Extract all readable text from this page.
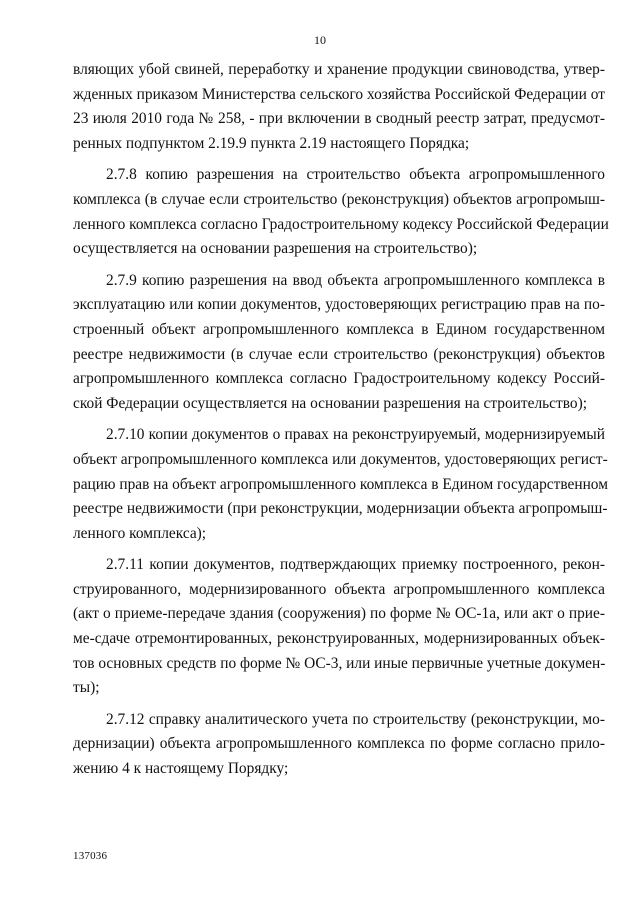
10

вляющих убой свиней, переработку и хранение продукции свиноводства, утвер-
жденных приказом Министерства сельского хозяйства Российской Федерации от
23 июля 2010 года № 258, - при включении в сводный реестр затрат, предусмот-
ренных подпунктом 2.19.9 пункта 2.19 настоящего Порядка;

2.7.8 копию разрешения на строительство объекта агропромышленного
комплекса (в случае если строительство (реконструкция) объектов агропромыш-
ленного комплекса согласно Градостроительному кодексу Российской Федерации
осуществляется на основании разрешения на строительство);

2.7.9 копию разрешения на ввод объекта агропромышленного комплекса в
эксплуатацию или копии документов, удостоверяющих регистрацию прав на по-
строенный объект агропромышленного комплекса в Едином государственном
реестре недвижимости (в случае если строительство (реконструкция) объектов
агропромышленного комплекса согласно Градостроительному кодексу Россий-
ской Федерации осуществляется на основании разрешения на строительство);

2.7.10 копии документов о правах на реконструируемый, модернизируемый
объект агропромышленного комплекса или документов, удостоверяющих регист-
рацию прав на объект агропромышленного комплекса в Едином государственном
реестре недвижимости (при реконструкции, модернизации объекта агропромыш-
ленного комплекса);

2.7.11 копии документов, подтверждающих приемку построенного, рекон-
струированного, модернизированного объекта агропромышленного комплекса
(акт о приеме-передаче здания (сооружения) по форме № ОС-1а, или акт о прие-
ме-сдаче отремонтированных, реконструированных, модернизированных объек-
тов основных средств по форме № ОС-3, или иные первичные учетные докумен-
ты);

2.7.12 справку аналитического учета по строительству (реконструкции, мо-
дернизации) объекта агропромышленного комплекса по форме согласно прило-
жению 4 к настоящему Порядку;

137036
